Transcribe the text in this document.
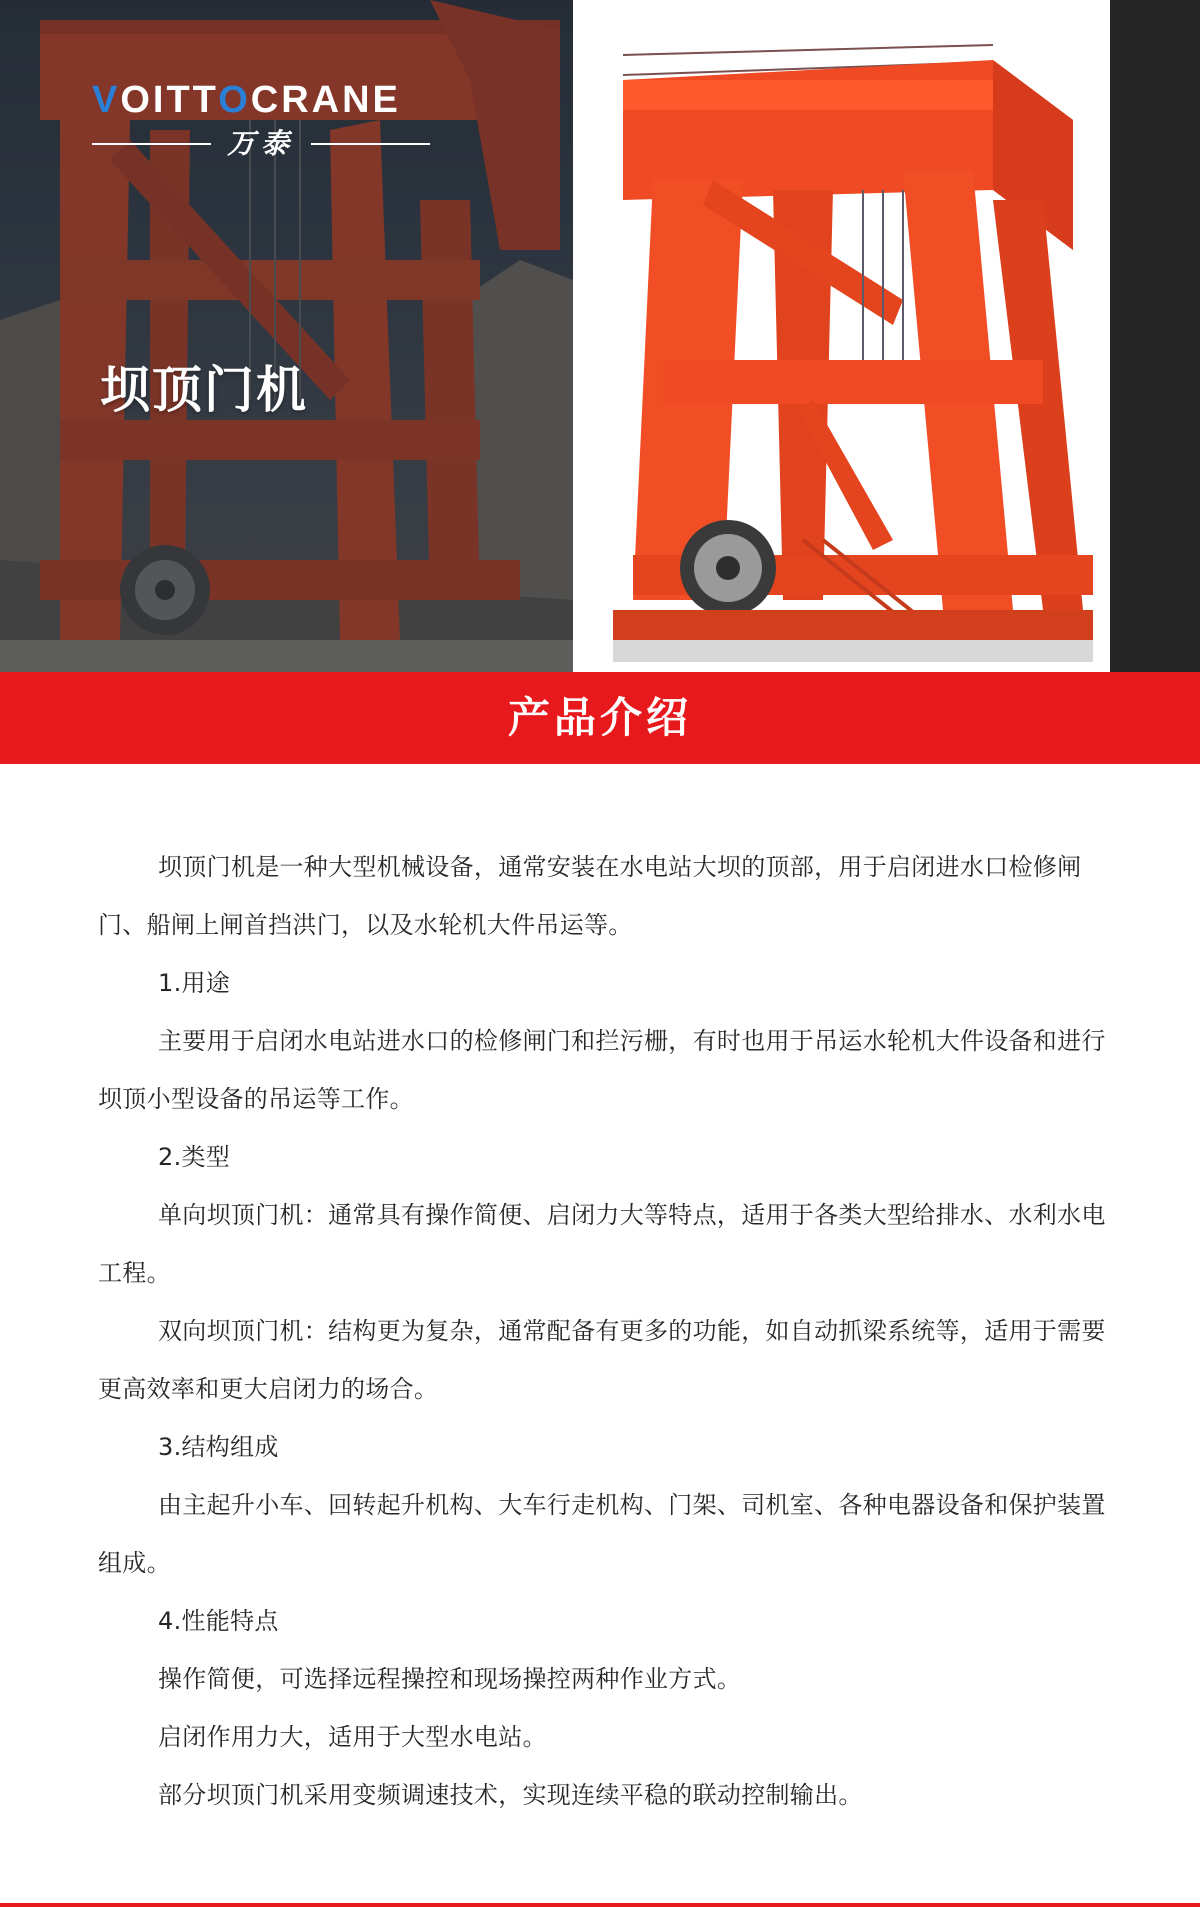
VOITTOCRANE
万泰
坝顶门机
产品介绍

坝顶门机是一种大型机械设备，通常安装在水电站大坝的顶部，用于启闭进水口检修闸门、船闸上闸首挡洪门，以及水轮机大件吊运等。

1.用途

主要用于启闭水电站进水口的检修闸门和拦污栅，有时也用于吊运水轮机大件设备和进行坝顶小型设备的吊运等工作。

2.类型

单向坝顶门机：通常具有操作简便、启闭力大等特点，适用于各类大型给排水、水利水电工程。

双向坝顶门机：结构更为复杂，通常配备有更多的功能，如自动抓梁系统等，适用于需要更高效率和更大启闭力的场合。

3.结构组成

由主起升小车、回转起升机构、大车行走机构、门架、司机室、各种电器设备和保护装置组成。

4.性能特点

操作简便，可选择远程操控和现场操控两种作业方式。

启闭作用力大，适用于大型水电站。

部分坝顶门机采用变频调速技术，实现连续平稳的联动控制输出。
